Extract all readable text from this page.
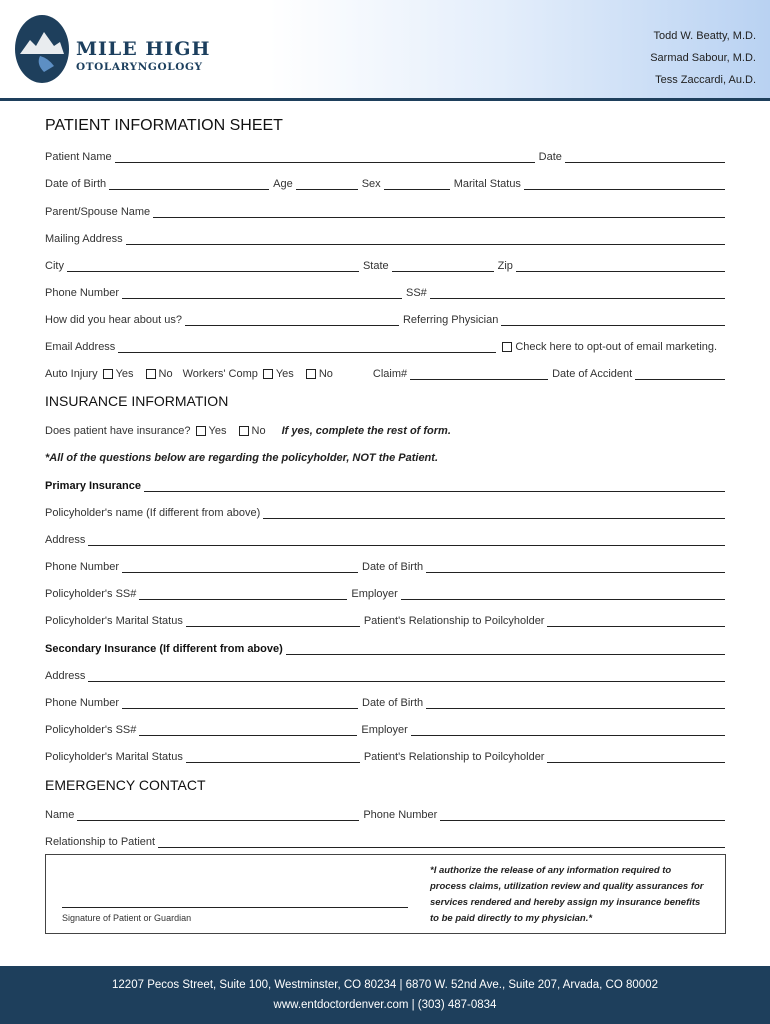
MILE HIGH
OTOLARYNGOLOGY
Todd W. Beatty, M.D.
Sarmad Sabour, M.D.
Tess Zaccardi, Au.D.
PATIENT INFORMATION SHEET
Patient Name	Date
Date of Birth	Age	Sex	Marital Status
Parent/Spouse Name
Mailing Address
City	State	Zip
Phone Number	SS#
How did you hear about us?	Referring Physician
Email Address	Check here to opt-out of email marketing.
Auto Injury Yes No Workers' Comp Yes No	Claim#	Date of Accident
INSURANCE INFORMATION
Does patient have insurance? Yes No If yes, complete the rest of form.
*All of the questions below are regarding the policyholder, NOT the Patient.
Primary Insurance
Policyholder's name (If different from above)
Address
Phone Number	Date of Birth
Policyholder's SS#	Employer
Policyholder's Marital Status	Patient's Relationship to Poilcyholder
Secondary Insurance (If different from above)
Address
Phone Number	Date of Birth
Policyholder's SS#	Employer
Policyholder's Marital Status	Patient's Relationship to Poilcyholder
EMERGENCY CONTACT
Name	Phone Number
Relationship to Patient
Signature of Patient or Guardian
*I authorize the release of any information required to process claims, utilization review and quality assurances for services rendered and hereby assign my insurance benefits to be paid directly to my physician.*
12207 Pecos Street, Suite 100, Westminster, CO 80234 | 6870 W. 52nd Ave., Suite 207, Arvada, CO 80002
www.entdoctordenver.com | (303) 487-0834
